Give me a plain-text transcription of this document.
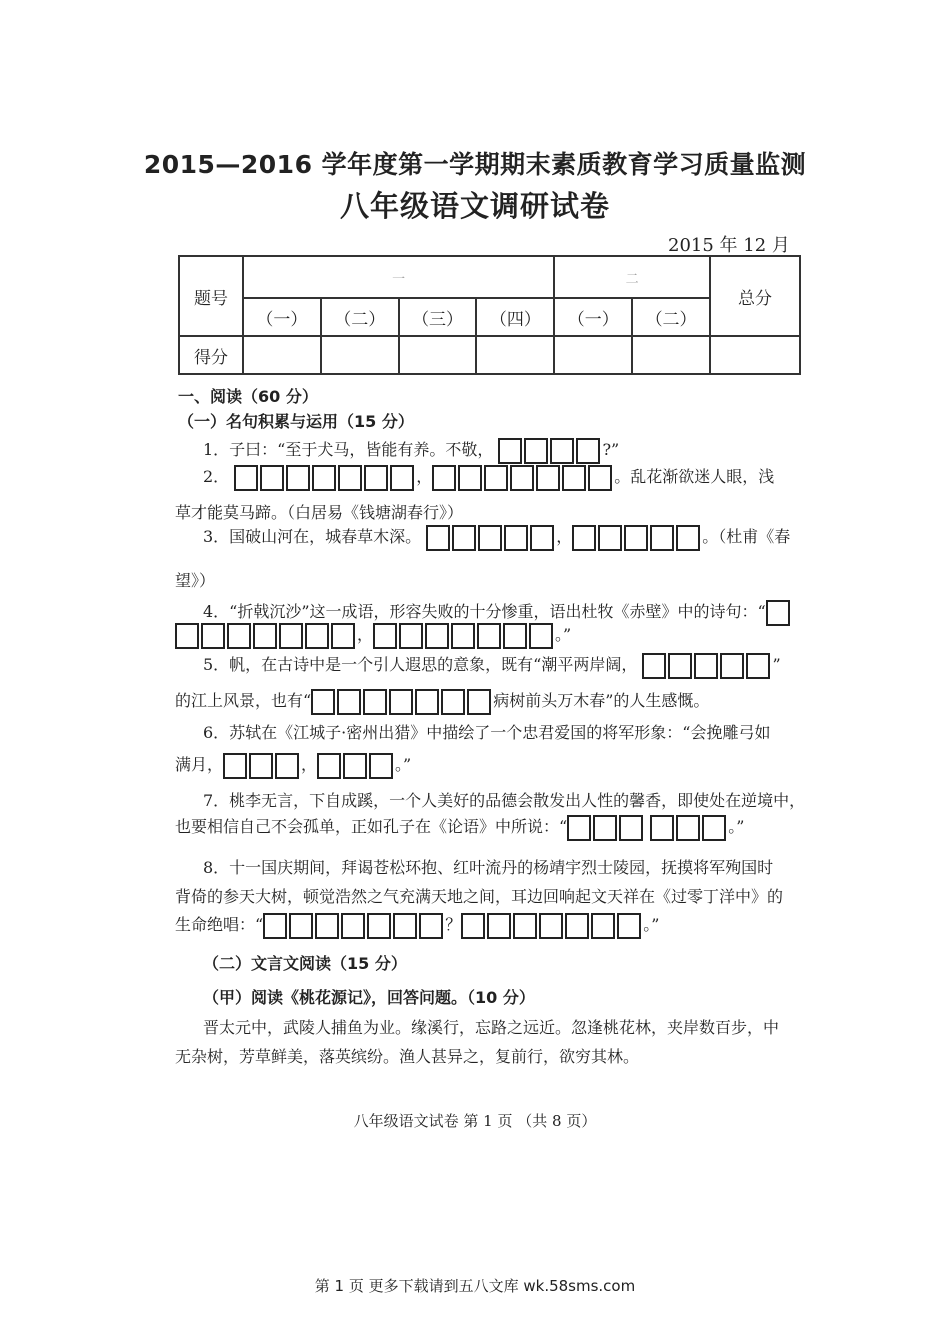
2015—2016 学年度第一学期期末素质教育学习质量监测
八年级语文调研试卷
2015 年 12 月
题号	一				二		总分
	（一）	（二）	（三）	（四）	（一）	（二）	
得分							
一、阅读（60 分）
（一）名句积累与运用（15 分）
1．子曰：“至于犬马，皆能有养。不敬，	?”
2．	，	。乱花渐欲迷人眼，浅
草才能莫马蹄。（白居易《钱塘湖春行》）
3．国破山河在，城春草木深。	，	。（杜甫《春
望》）
4．“折戟沉沙”这一成语，形容失败的十分惨重，语出杜牧《赤壁》中的诗句：“
，	。”
5．帆，在古诗中是一个引人遐思的意象，既有“潮平两岸阔，	”
的江上风景，也有“	病树前头万木春”的人生感慨。
6．苏轼在《江城子·密州出猎》中描绘了一个忠君爱国的将军形象：“会挽雕弓如
满月，	，	。”
7．桃李无言，下自成蹊，一个人美好的品德会散发出人性的馨香，即使处在逆境中，
也要相信自己不会孤单，正如孔子在《论语》中所说：“	。”
8．十一国庆期间，拜谒苍松环抱、红叶流丹的杨靖宇烈士陵园，抚摸将军殉国时
背倚的参天大树，顿觉浩然之气充满天地之间，耳边回响起文天祥在《过零丁洋中》的
生命绝唱：“	？	。”
（二）文言文阅读（15 分）
（甲）阅读《桃花源记》，回答问题。（10 分）
晋太元中，武陵人捕鱼为业。缘溪行，忘路之远近。忽逢桃花林，夹岸数百步，中
无杂树，芳草鲜美，落英缤纷。渔人甚异之，复前行，欲穷其林。
八年级语文试卷 第 1 页 （共 8 页）
第 1 页 更多下载请到五八文库 wk.58sms.com
